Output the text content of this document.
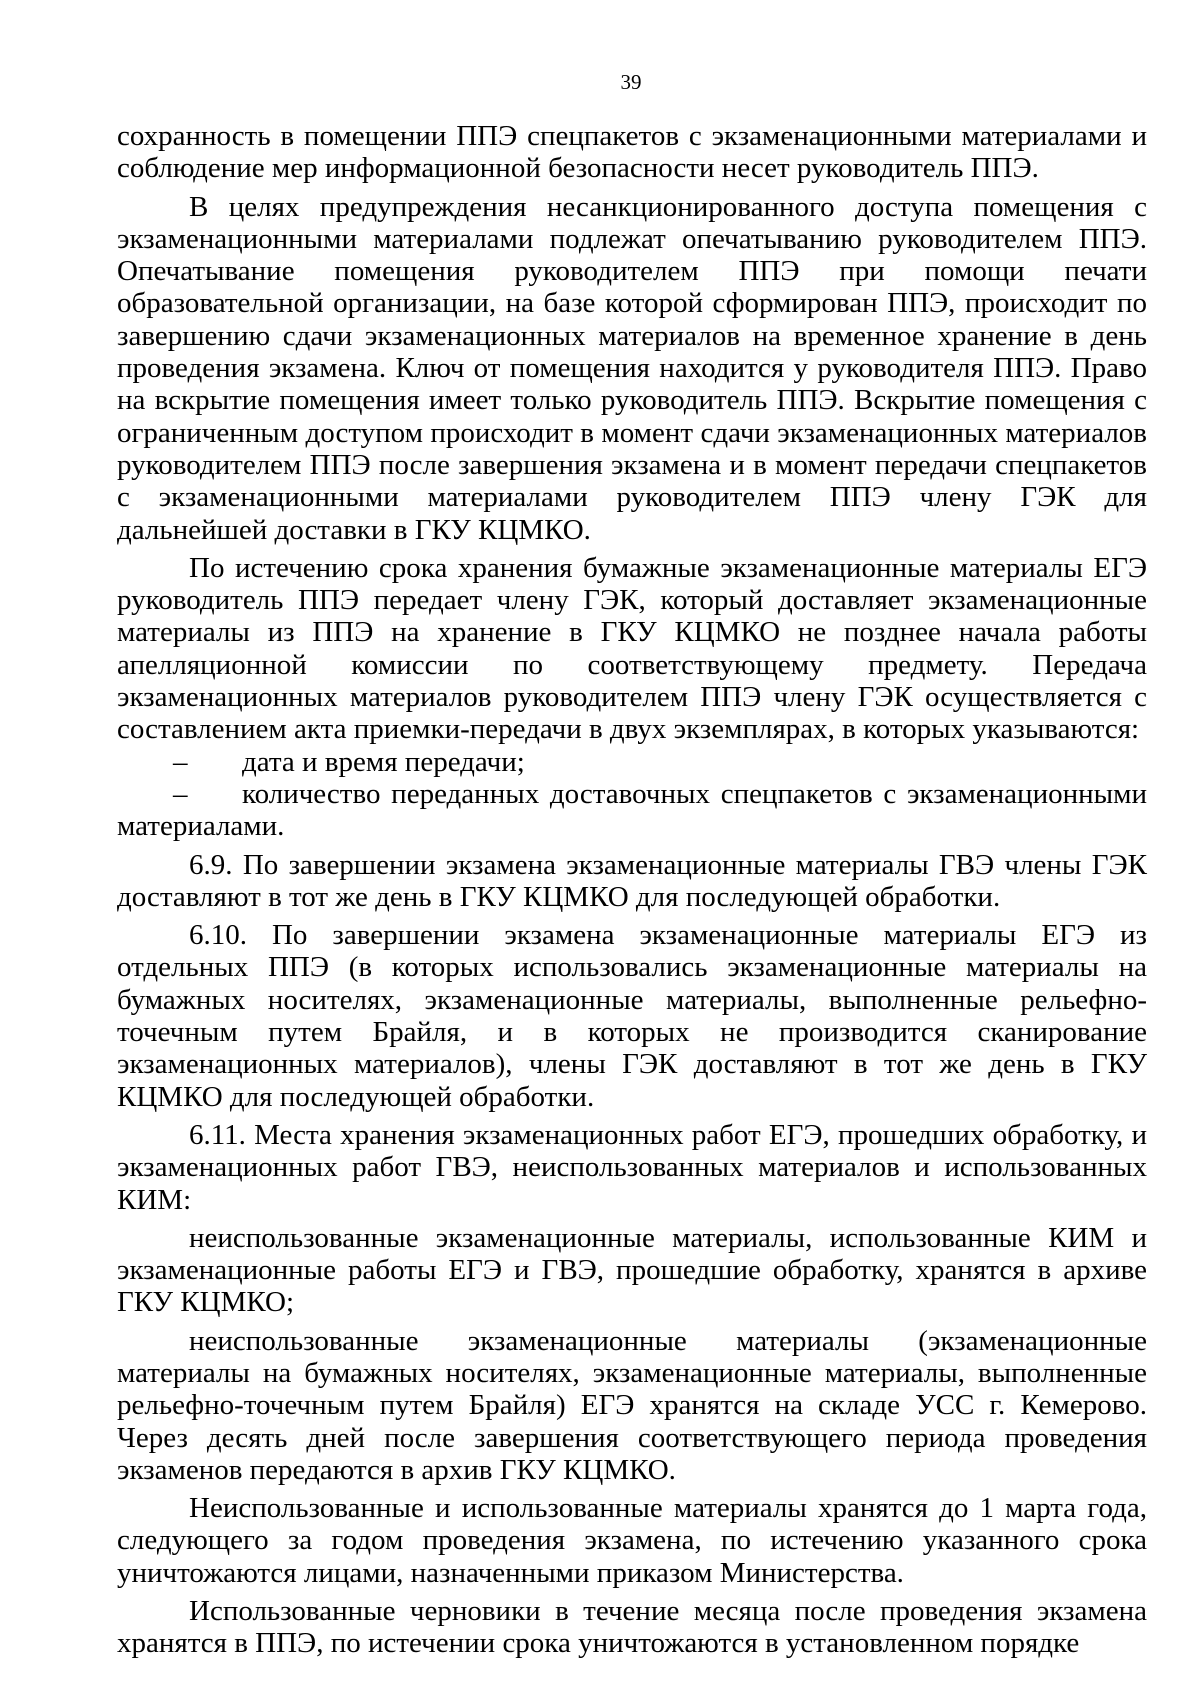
39

сохранность в помещении ППЭ спецпакетов с экзаменационными материалами и соблюдение мер информационной безопасности несет руководитель ППЭ.

В целях предупреждения несанкционированного доступа помещения с экзаменационными материалами подлежат опечатыванию руководителем ППЭ. Опечатывание помещения руководителем ППЭ при помощи печати образовательной организации, на базе которой сформирован ППЭ, происходит по завершению сдачи экзаменационных материалов на временное хранение в день проведения экзамена. Ключ от помещения находится у руководителя ППЭ. Право на вскрытие помещения имеет только руководитель ППЭ. Вскрытие помещения с ограниченным доступом происходит в момент сдачи экзаменационных материалов руководителем ППЭ после завершения экзамена и в момент передачи спецпакетов с экзаменационными материалами руководителем ППЭ члену ГЭК для дальнейшей доставки в ГКУ КЦМКО.

По истечению срока хранения бумажные экзаменационные материалы ЕГЭ руководитель ППЭ передает члену ГЭК, который доставляет экзаменационные материалы из ППЭ на хранение в ГКУ КЦМКО не позднее начала работы апелляционной комиссии по соответствующему предмету. Передача экзаменационных материалов руководителем ППЭ члену ГЭК осуществляется с составлением акта приемки-передачи в двух экземплярах, в которых указываются:

– дата и время передачи;

– количество переданных доставочных спецпакетов с экзаменационными материалами.

6.9. По завершении экзамена экзаменационные материалы ГВЭ члены ГЭК доставляют в тот же день в ГКУ КЦМКО для последующей обработки.

6.10. По завершении экзамена экзаменационные материалы ЕГЭ из отдельных ППЭ (в которых использовались экзаменационные материалы на бумажных носителях, экзаменационные материалы, выполненные рельефно-точечным путем Брайля, и в которых не производится сканирование экзаменационных материалов), члены ГЭК доставляют в тот же день в ГКУ КЦМКО для последующей обработки.

6.11. Места хранения экзаменационных работ ЕГЭ, прошедших обработку, и экзаменационных работ ГВЭ, неиспользованных материалов и использованных КИМ:

неиспользованные экзаменационные материалы, использованные КИМ и экзаменационные работы ЕГЭ и ГВЭ, прошедшие обработку, хранятся в архиве ГКУ КЦМКО;

неиспользованные экзаменационные материалы (экзаменационные материалы на бумажных носителях, экзаменационные материалы, выполненные рельефно-точечным путем Брайля) ЕГЭ хранятся на складе УСС г. Кемерово. Через десять дней после завершения соответствующего периода проведения экзаменов передаются в архив ГКУ КЦМКО.

Неиспользованные и использованные материалы хранятся до 1 марта года, следующего за годом проведения экзамена, по истечению указанного срока уничтожаются лицами, назначенными приказом Министерства.

Использованные черновики в течение месяца после проведения экзамена хранятся в ППЭ, по истечении срока уничтожаются в установленном порядке
